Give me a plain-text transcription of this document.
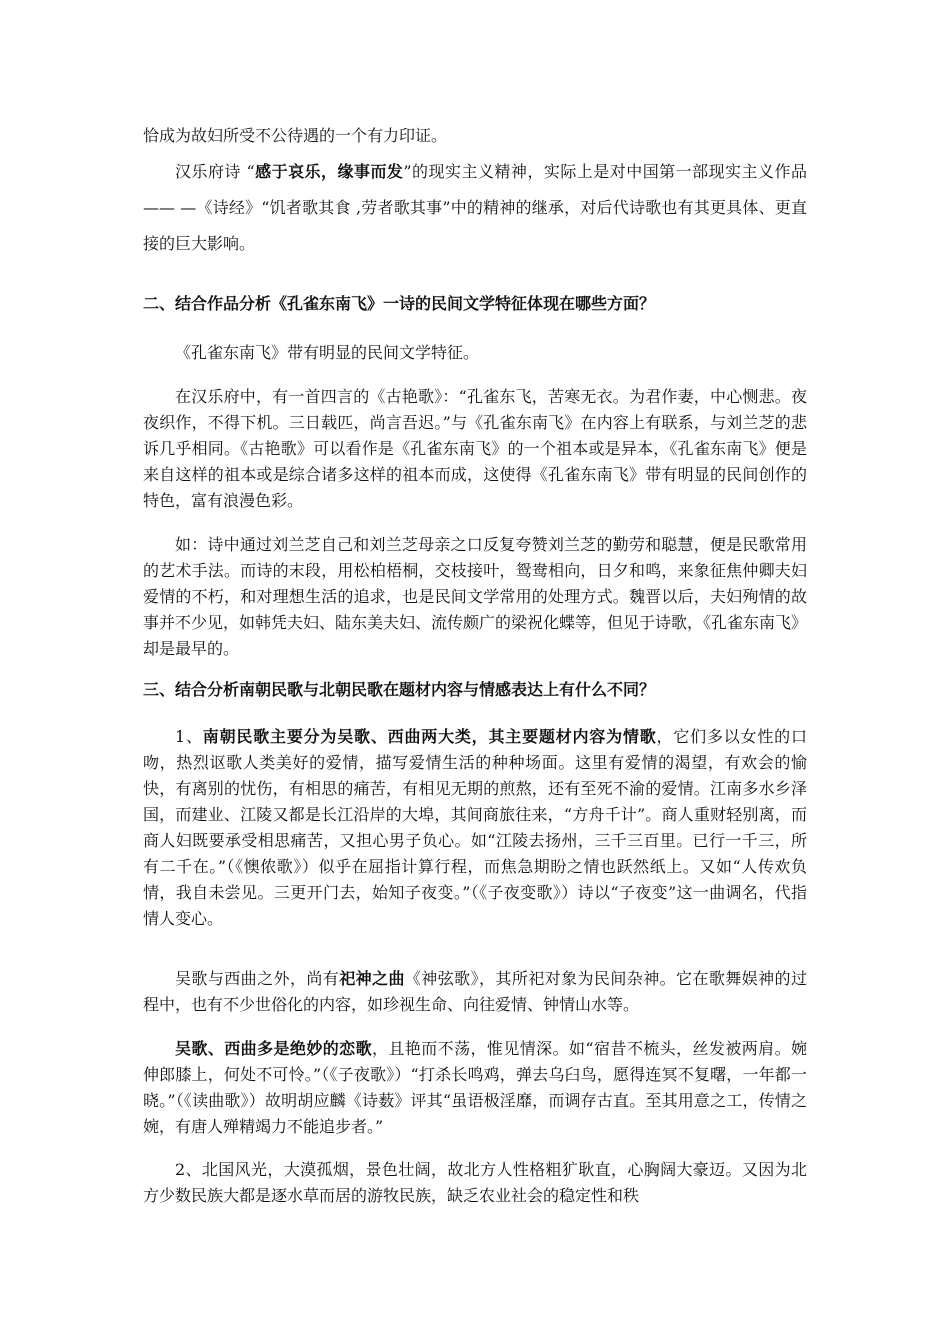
恰成为故妇所受不公待遇的一个有力印证。

汉乐府诗 “感于哀乐，缘事而发”的现实主义精神，实际上是对中国第一部现实主义作品 —— —《诗经》“饥者歌其食 ,劳者歌其事”中的精神的继承，对后代诗歌也有其更具体、更直接的巨大影响。

二、结合作品分析《孔雀东南飞》一诗的民间文学特征体现在哪些方面？

《孔雀东南飞》带有明显的民间文学特征。

在汉乐府中，有一首四言的《古艳歌》：“孔雀东飞，苦寒无衣。为君作妻，中心恻悲。夜夜织作，不得下机。三日载匹，尚言吾迟。”与《孔雀东南飞》在内容上有联系，与刘兰芝的悲诉几乎相同。《古艳歌》可以看作是《孔雀东南飞》的一个祖本或是异本，《孔雀东南飞》便是来自这样的祖本或是综合诸多这样的祖本而成，这使得《孔雀东南飞》带有明显的民间创作的特色，富有浪漫色彩。

如：诗中通过刘兰芝自己和刘兰芝母亲之口反复夸赞刘兰芝的勤劳和聪慧，便是民歌常用的艺术手法。而诗的末段，用松柏梧桐，交枝接叶，鸳鸯相向，日夕和鸣，来象征焦仲卿夫妇爱情的不朽，和对理想生活的追求，也是民间文学常用的处理方式。魏晋以后，夫妇殉情的故事并不少见，如韩凭夫妇、陆东美夫妇、流传颇广的梁祝化蝶等，但见于诗歌，《孔雀东南飞》却是最早的。

三、结合分析南朝民歌与北朝民歌在题材内容与情感表达上有什么不同？

1、南朝民歌主要分为吴歌、西曲两大类，其主要题材内容为情歌，它们多以女性的口吻，热烈讴歌人类美好的爱情，描写爱情生活的种种场面。这里有爱情的渴望，有欢会的愉快，有离别的忧伤，有相思的痛苦，有相见无期的煎熬，还有至死不渝的爱情。江南多水乡泽国，而建业、江陵又都是长江沿岸的大埠，其间商旅往来，“方舟千计”。商人重财轻别离，而商人妇既要承受相思痛苦，又担心男子负心。如“江陵去扬州，三千三百里。已行一千三，所有二千在。”（《懊侬歌》）似乎在屈指计算行程，而焦急期盼之情也跃然纸上。又如“人传欢负情，我自未尝见。三更开门去，始知子夜变。”（《子夜变歌》）诗以“子夜变”这一曲调名，代指情人变心。

吴歌与西曲之外，尚有祀神之曲《神弦歌》，其所祀对象为民间杂神。它在歌舞娱神的过程中，也有不少世俗化的内容，如珍视生命、向往爱情、钟情山水等。

吴歌、西曲多是绝妙的恋歌，且艳而不荡，惟见情深。如“宿昔不梳头，丝发被两肩。婉伸郎膝上，何处不可怜。”（《子夜歌》）“打杀长鸣鸡，弹去乌臼鸟，愿得连冥不复曙，一年都一晓。”（《读曲歌》）故明胡应麟《诗薮》评其“虽语极淫靡，而调存古直。至其用意之工，传情之婉，有唐人殚精竭力不能追步者。”

2、北国风光，大漠孤烟，景色壮阔，故北方人性格粗犷耿直，心胸阔大豪迈。又因为北方少数民族大都是逐水草而居的游牧民族，缺乏农业社会的稳定性和秩
